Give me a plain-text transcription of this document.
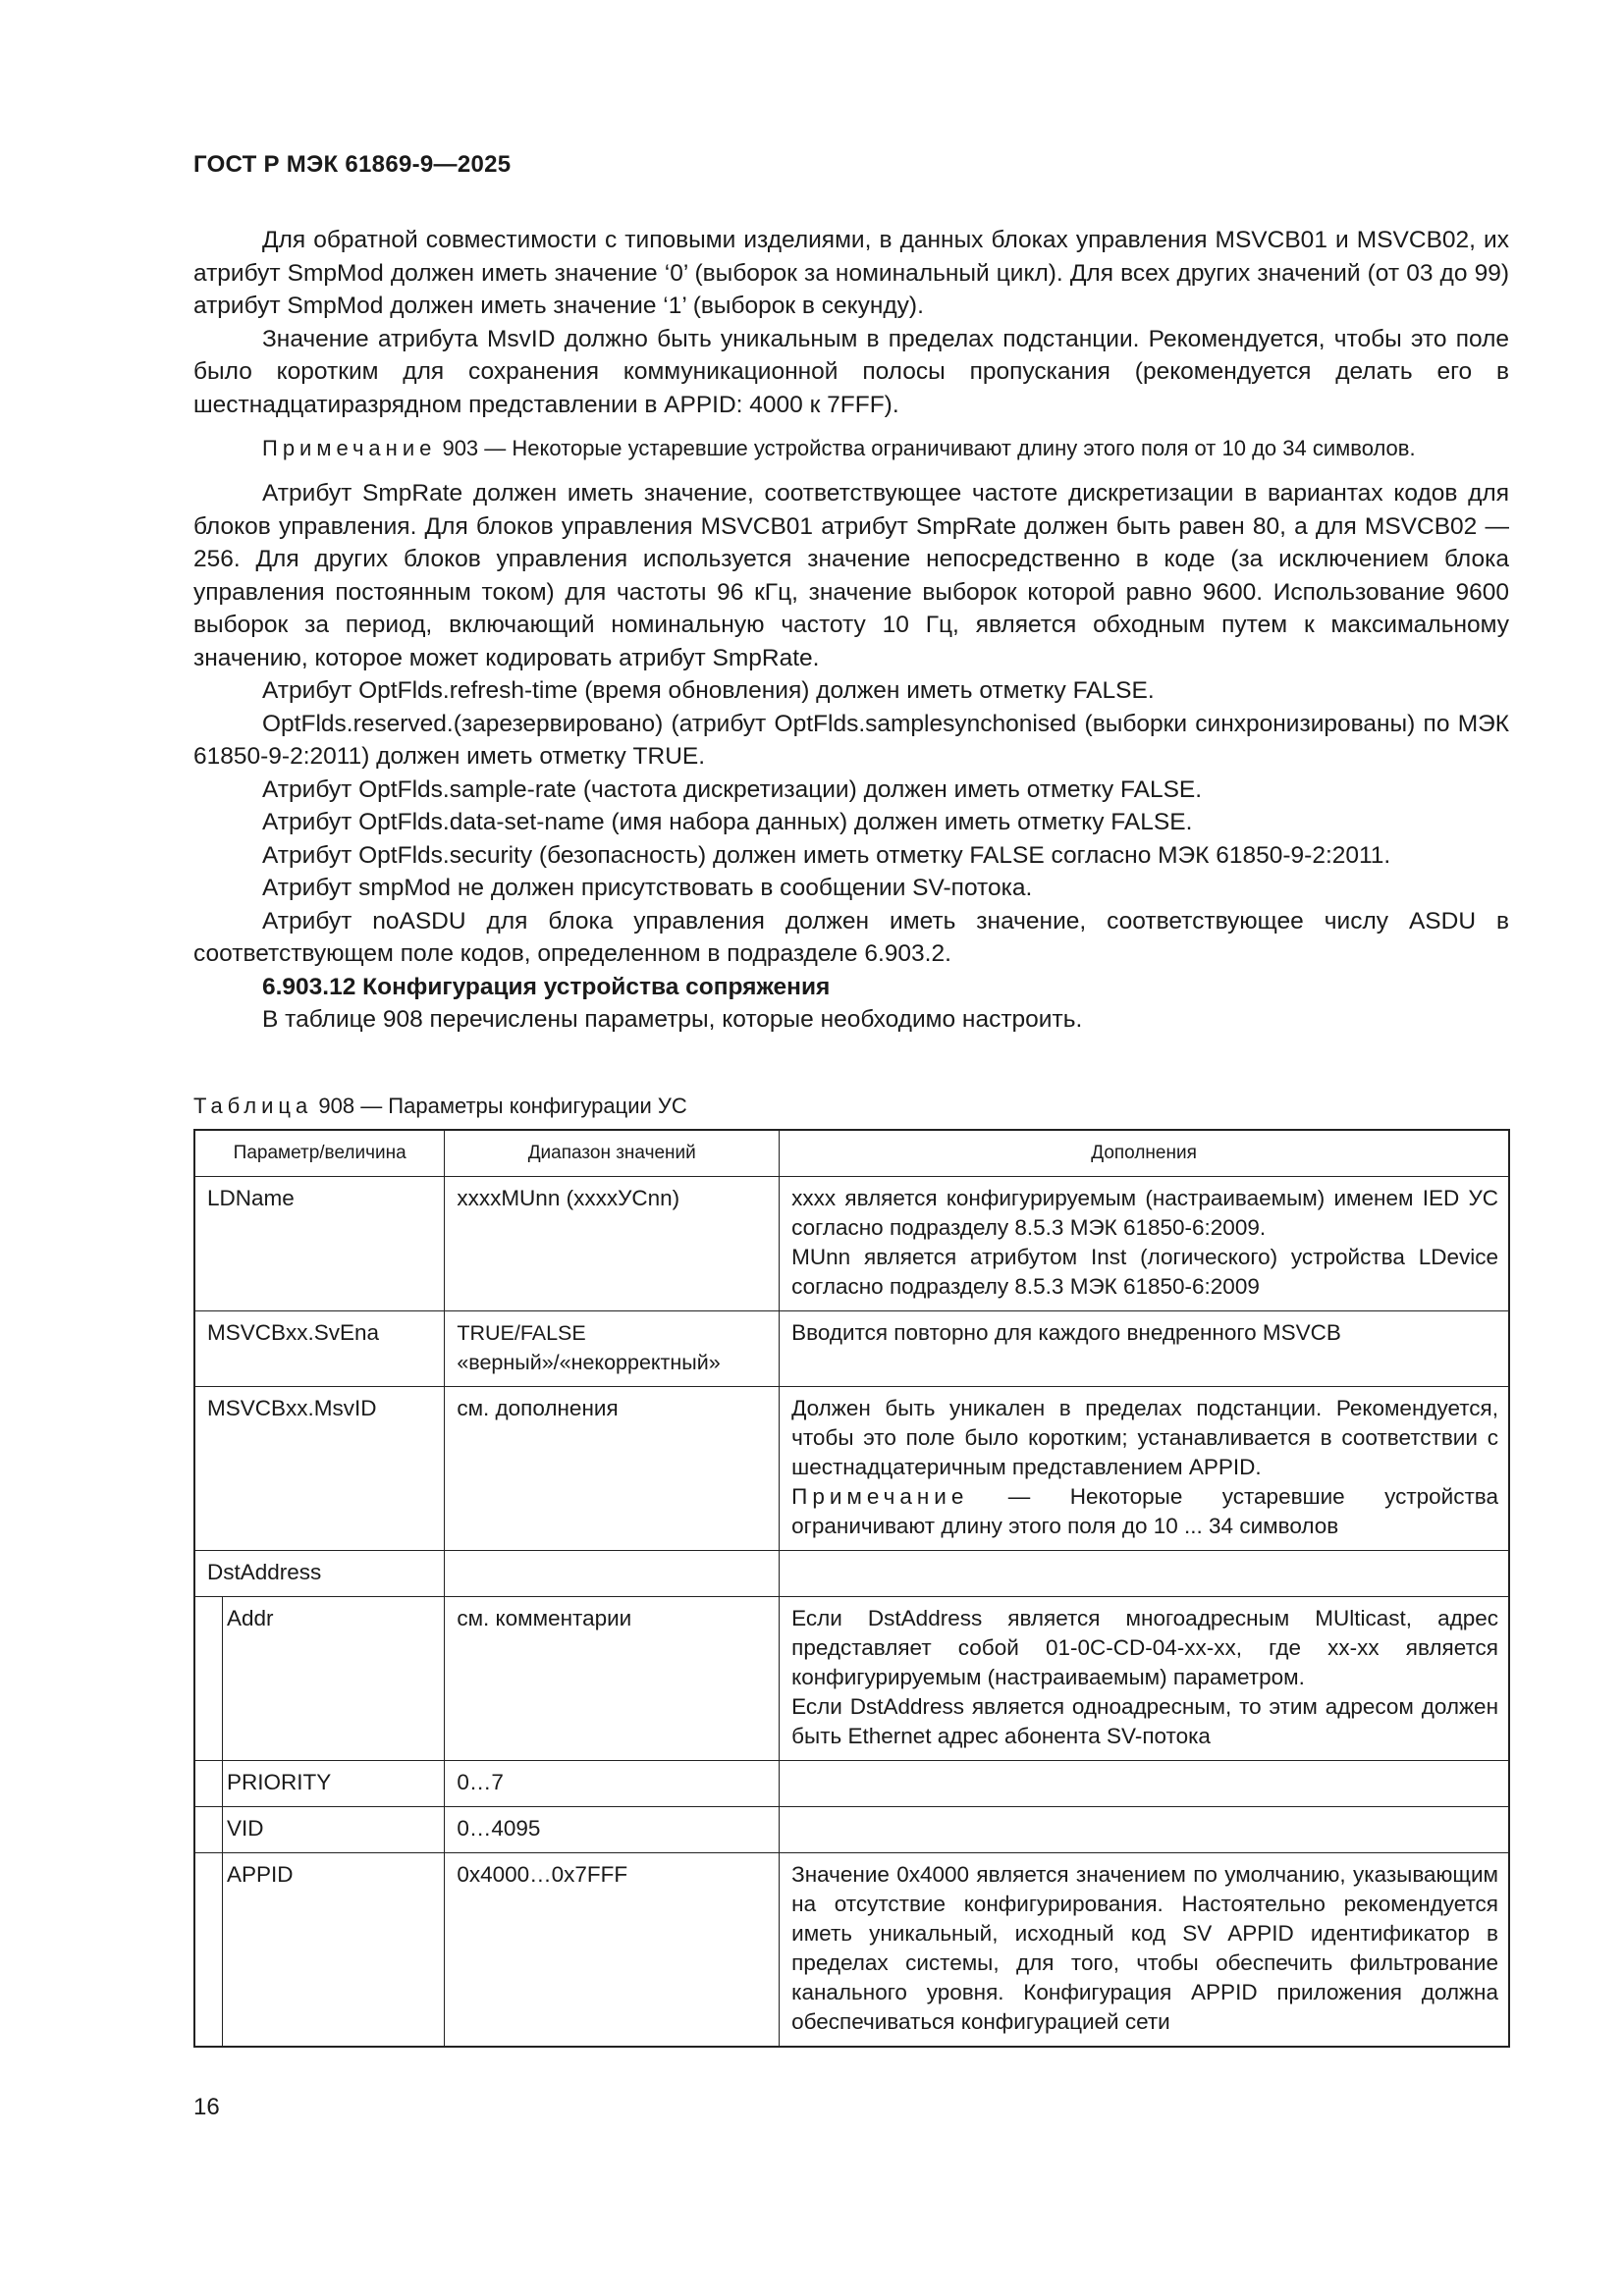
ГОСТ Р МЭК 61869-9—2025

Для обратной совместимости с типовыми изделиями, в данных блоках управления MSVCB01 и MSVCB02, их атрибут SmpMod должен иметь значение ‘0’ (выборок за номинальный цикл). Для всех других значений (от 03 до 99) атрибут SmpMod должен иметь значение ‘1’ (выборок в секунду).

Значение атрибута MsvID должно быть уникальным в пределах подстанции. Рекомендуется, чтобы это поле было коротким для сохранения коммуникационной полосы пропускания (рекомендуется делать его в шестнадцатиразрядном представлении в APPID: 4000 к 7FFF).

Примечание 903 — Некоторые устаревшие устройства ограничивают длину этого поля от 10 до 34 символов.

Атрибут SmpRate должен иметь значение, соответствующее частоте дискретизации в вариантах кодов для блоков управления. Для блоков управления MSVCB01 атрибут SmpRate должен быть равен 80, а для MSVCB02 — 256. Для других блоков управления используется значение непосредственно в коде (за исключением блока управления постоянным током) для частоты 96 кГц, значение выборок которой равно 9600. Использование 9600 выборок за период, включающий номинальную частоту 10 Гц, является обходным путем к максимальному значению, которое может кодировать атрибут SmpRate.

Атрибут OptFlds.refresh-time (время обновления) должен иметь отметку FALSE.

OptFlds.reserved.(зарезервировано) (атрибут OptFlds.samplesynchonised (выборки синхронизированы) по МЭК 61850-9-2:2011) должен иметь отметку TRUE.

Атрибут OptFlds.sample-rate (частота дискретизации) должен иметь отметку FALSE.

Атрибут OptFlds.data-set-name (имя набора данных) должен иметь отметку FALSE.

Атрибут OptFlds.security (безопасность) должен иметь отметку FALSE согласно МЭК 61850-9-2:2011.

Атрибут smpMod не должен присутствовать в сообщении SV-потока.

Атрибут noASDU для блока управления должен иметь значение, соответствующее числу ASDU в соответствующем поле кодов, определенном в подразделе 6.903.2.

6.903.12 Конфигурация устройства сопряжения

В таблице 908 перечислены параметры, которые необходимо настроить.

Таблица 908 — Параметры конфигурации УС
Параметр/величина	Диапазон значений	Дополнения
LDName	xxxxMUnn (xxxxУCnn)	xxxx является конфигурируемым (настраиваемым) именем IED УС согласно подразделу 8.5.3 МЭК 61850-6:2009.
MUnn является атрибутом Inst (логического) устройства LDevice согласно подразделу 8.5.3 МЭК 61850-6:2009

MSVCBxx.SvEna	TRUE/FALSE «верный»/«некорректный»	Вводится повторно для каждого внедренного MSVCB

MSVCBxx.MsvID	см. дополнения	Должен быть уникален в пределах подстанции. Рекомендуется, чтобы это поле было коротким; устанавливается в соответствии с шестнадцатеричным представлением APPID.
Примечание — Некоторые устаревшие устройства ограничивают длину этого поля до 10 ... 34 символов

DstAddress		
Addr	см. комментарии	Если DstAddress является многоадресным MUlticast, адрес представляет собой 01-0C-CD-04-xx-xx, где xx-xx является конфигурируемым (настраиваемым) параметром.
Если DstAddress является одноадресным, то этим адресом должен быть Ethernet адрес абонента SV-потока

PRIORITY	0…7	
VID	0…4095	
APPID	0x4000…0x7FFF	Значение 0x4000 является значением по умолчанию, указывающим на отсутствие конфигурирования. Настоятельно рекомендуется иметь уникальный, исходный код SV APPID идентификатор в пределах системы, для того, чтобы обеспечить фильтрование канального уровня. Конфигурация APPID приложения должна обеспечиваться конфигурацией сети
16
